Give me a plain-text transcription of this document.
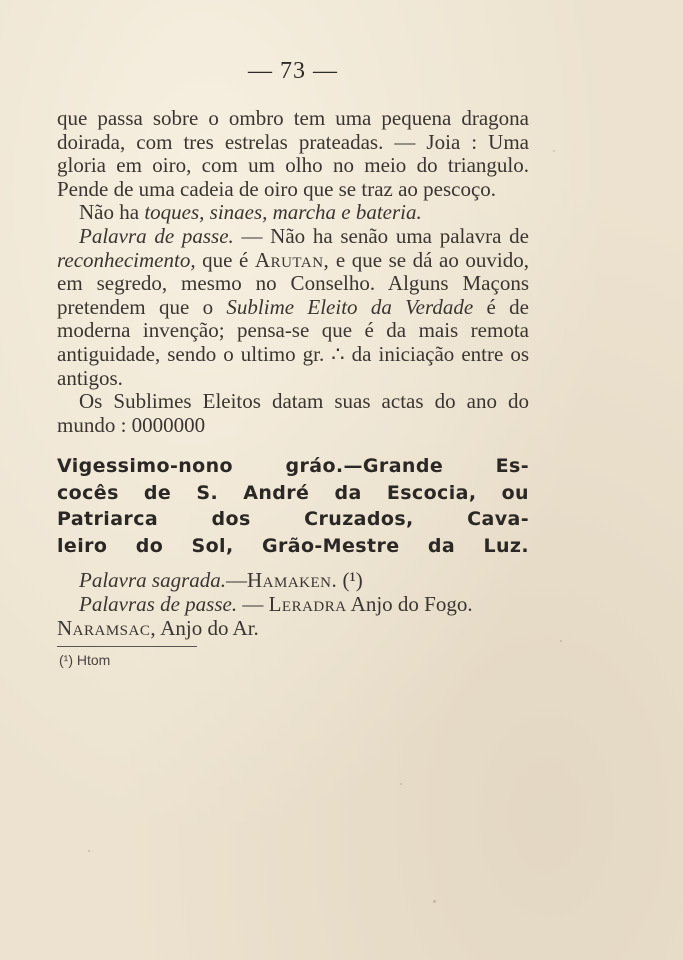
— 73 —

que passa sobre o ombro tem uma pequena dragona doirada, com tres estrelas prateadas. — Joia : Uma gloria em oiro, com um olho no meio do triangulo. Pende de uma cadeia de oiro que se traz ao pescoço.

Não ha toques, sinaes, marcha e bateria.

Palavra de passe. — Não ha senão uma palavra de reconhecimento, que é Arutan, e que se dá ao ouvido, em segredo, mesmo no Conselho. Alguns Maçons pretendem que o Sublime Eleito da Verdade é de moderna invenção; pensa-se que é da mais remota antiguidade, sendo o ultimo gr. ∴ da iniciação entre os antigos.

Os Sublimes Eleitos datam suas actas do ano do mundo : 0000000

Vigessimo-nono gráo.—Grande Es-
cocês de S. André da Escocia, ou
Patriarca dos Cruzados, Cava-
leiro do Sol, Grão-Mestre da Luz.

Palavra sagrada.—Hamaken. (¹)

Palavras de passe. — Leradra Anjo do Fogo.

Naramsac, Anjo do Ar.

(¹) Htom
